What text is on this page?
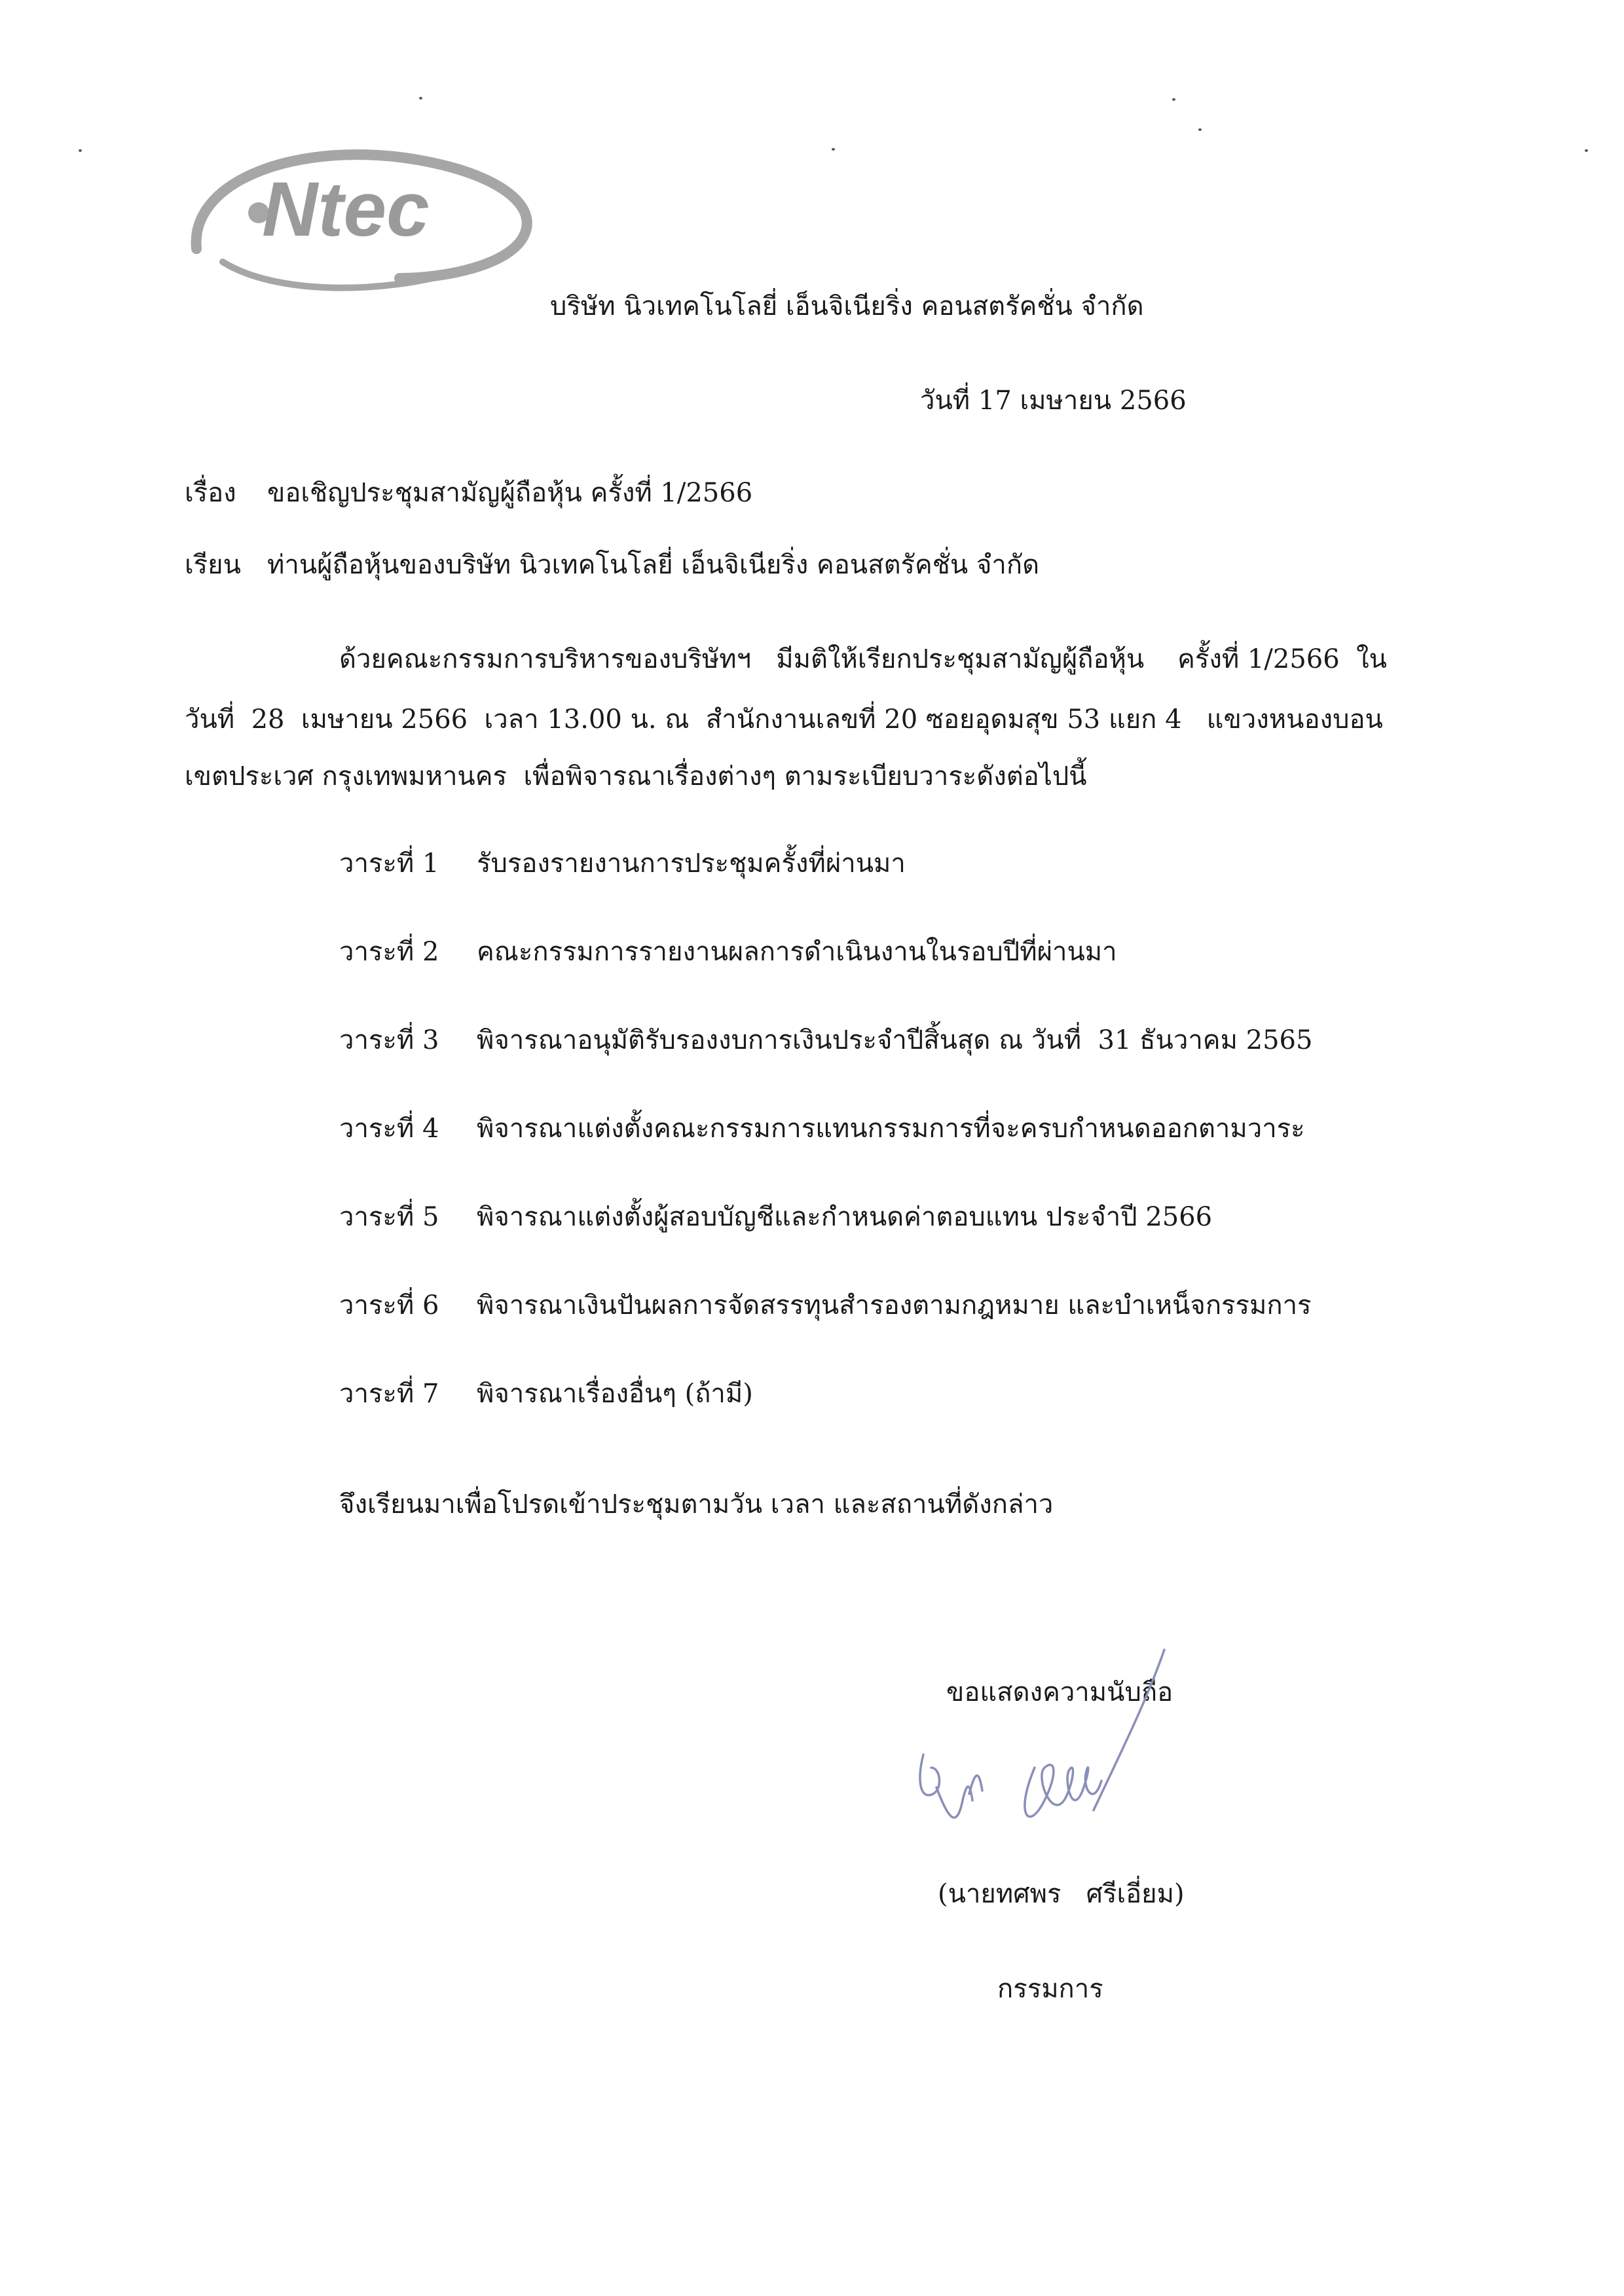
Ntec
บริษัท นิวเทคโนโลยี่ เอ็นจิเนียริ่ง คอนสตรัคชั่น จำกัด
วันที่ 17 เมษายน 2566
เรื่อง ขอเชิญประชุมสามัญผู้ถือหุ้น ครั้งที่ 1/2566
เรียน ท่านผู้ถือหุ้นของบริษัท นิวเทคโนโลยี่ เอ็นจิเนียริ่ง คอนสตรัคชั่น จำกัด
ด้วยคณะกรรมการบริหารของบริษัทฯ   มีมติให้เรียกประชุมสามัญผู้ถือหุ้น    ครั้งที่ 1/2566  ใน
วันที่  28  เมษายน 2566  เวลา 13.00 น. ณ  สำนักงานเลขที่ 20 ซอยอุดมสุข 53 แยก 4   แขวงหนองบอน
เขตประเวศ กรุงเทพมหานคร  เพื่อพิจารณาเรื่องต่างๆ ตามระเบียบวาระดังต่อไปนี้
วาระที่ 1 รับรองรายงานการประชุมครั้งที่ผ่านมา
วาระที่ 2 คณะกรรมการรายงานผลการดำเนินงานในรอบปีที่ผ่านมา
วาระที่ 3 พิจารณาอนุมัติรับรองงบการเงินประจำปีสิ้นสุด ณ วันที่  31 ธันวาคม 2565
วาระที่ 4 พิจารณาแต่งตั้งคณะกรรมการแทนกรรมการที่จะครบกำหนดออกตามวาระ
วาระที่ 5 พิจารณาแต่งตั้งผู้สอบบัญชีและกำหนดค่าตอบแทน ประจำปี 2566
วาระที่ 6 พิจารณาเงินปันผลการจัดสรรทุนสำรองตามกฎหมาย และบำเหน็จกรรมการ
วาระที่ 7 พิจารณาเรื่องอื่นๆ (ถ้ามี)
จึงเรียนมาเพื่อโปรดเข้าประชุมตามวัน เวลา และสถานที่ดังกล่าว
ขอแสดงความนับถือ
(นายทศพร   ศรีเอี่ยม)
กรรมการ
